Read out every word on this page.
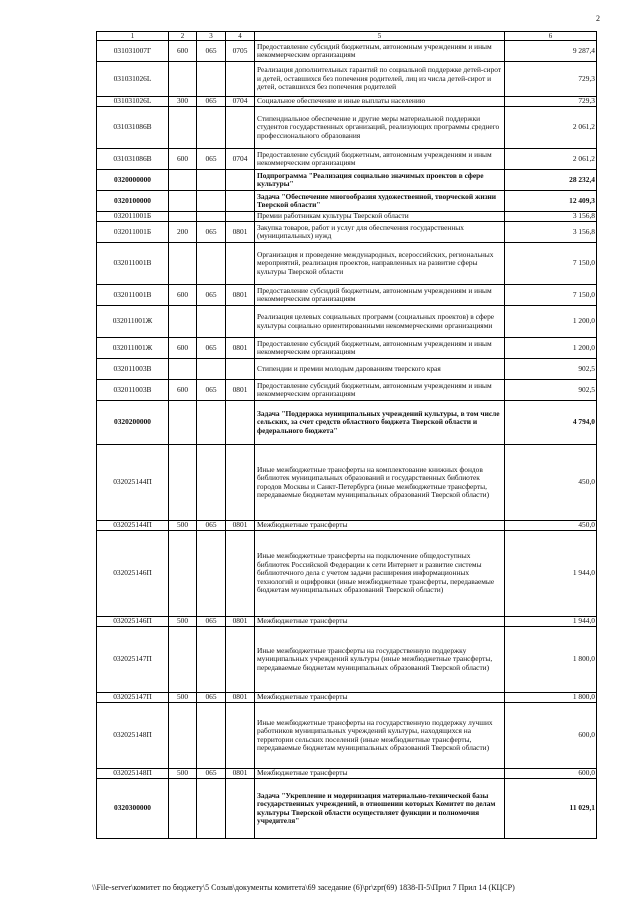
2
1	2	3	4	5	6
031031007Г	600	065	0705	Предоставление субсидий бюджетным, автономным учреждениям и иным некоммерческим организациям	9 287,4
031031026L				Реализация дополнительных гарантий по социальной поддержке детей-сирот и детей, оставшихся без попечения родителей, лиц из числа детей-сирот и детей, оставшихся без попечения родителей	729,3
031031026L	300	065	0704	Социальное обеспечение и иные выплаты населению	729,3
031031086В				Стипендиальное обеспечение и другие меры материальной поддержки студентов государственных организаций, реализующих программы среднего профессионального образования	2 061,2
031031086В	600	065	0704	Предоставление субсидий бюджетным, автономным учреждениям и иным некоммерческим организациям	2 061,2
0320000000				Подпрограмма "Реализация социально значимых проектов в сфере культуры"	28 232,4
0320100000				Задача "Обеспечение многообразия художественной, творческой жизни Тверской области"	12 409,3
032011001Б				Премии работникам культуры Тверской области	3 156,8
032011001Б	200	065	0801	Закупка товаров, работ и услуг для обеспечения государственных (муниципальных) нужд	3 156,8
032011001В				Организация и проведение международных, всероссийских, региональных мероприятий, реализация проектов, направленных на развитие сферы культуры Тверской области	7 150,0
032011001В	600	065	0801	Предоставление субсидий бюджетным, автономным учреждениям и иным некоммерческим организациям	7 150,0
032011001Ж				Реализация целевых социальных программ (социальных проектов) в сфере культуры социально ориентированными некоммерческими организациями	1 200,0
032011001Ж	600	065	0801	Предоставление субсидий бюджетным, автономным учреждениям и иным некоммерческим организациям	1 200,0
032011003В				Стипендии и премии молодым дарованиям тверского края	902,5
032011003В	600	065	0801	Предоставление субсидий бюджетным, автономным учреждениям и иным некоммерческим организациям	902,5
0320200000				Задача "Поддержка муниципальных учреждений культуры, в том числе сельских, за счет средств областного бюджета Тверской области и федерального бюджета"	4 794,0
032025144П				Иные межбюджетные трансферты на комплектование книжных фондов библиотек муниципальных образований и государственных библиотек городов Москвы и Санкт-Петербурга (иные межбюджетные трансферты, передаваемые бюджетам муниципальных образований Тверской области)	450,0
032025144П	500	065	0801	Межбюджетные трансферты	450,0
032025146П				Иные межбюджетные трансферты на подключение общедоступных библиотек Российской Федерации к сети Интернет и развитие системы библиотечного дела с учетом задачи расширения информационных технологий и оцифровки (иные межбюджетные трансферты, передаваемые бюджетам муниципальных образований Тверской области)	1 944,0
032025146П	500	065	0801	Межбюджетные трансферты	1 944,0
032025147П				Иные межбюджетные трансферты на государственную поддержку муниципальных учреждений культуры (иные межбюджетные трансферты, передаваемые бюджетам муниципальных образований Тверской области)	1 800,0
032025147П	500	065	0801	Межбюджетные трансферты	1 800,0
032025148П				Иные межбюджетные трансферты на государственную поддержку лучших работников муниципальных учреждений культуры, находящихся на территории сельских поселений (иные межбюджетные трансферты, передаваемые бюджетам муниципальных образований Тверской области)	600,0
032025148П	500	065	0801	Межбюджетные трансферты	600,0
0320300000				Задача "Укрепление и модернизация материально-технической базы государственных учреждений, в отношении которых Комитет по делам культуры Тверской области осуществляет функции и полномочия учредителя"	11 029,1
\\File-server\комитет по бюджету\5 Созыв\документы комитета\69 заседание (6)\pr\zpr(69) 1838-П-5\Прил 7 Прил 14 (КЦСР)
